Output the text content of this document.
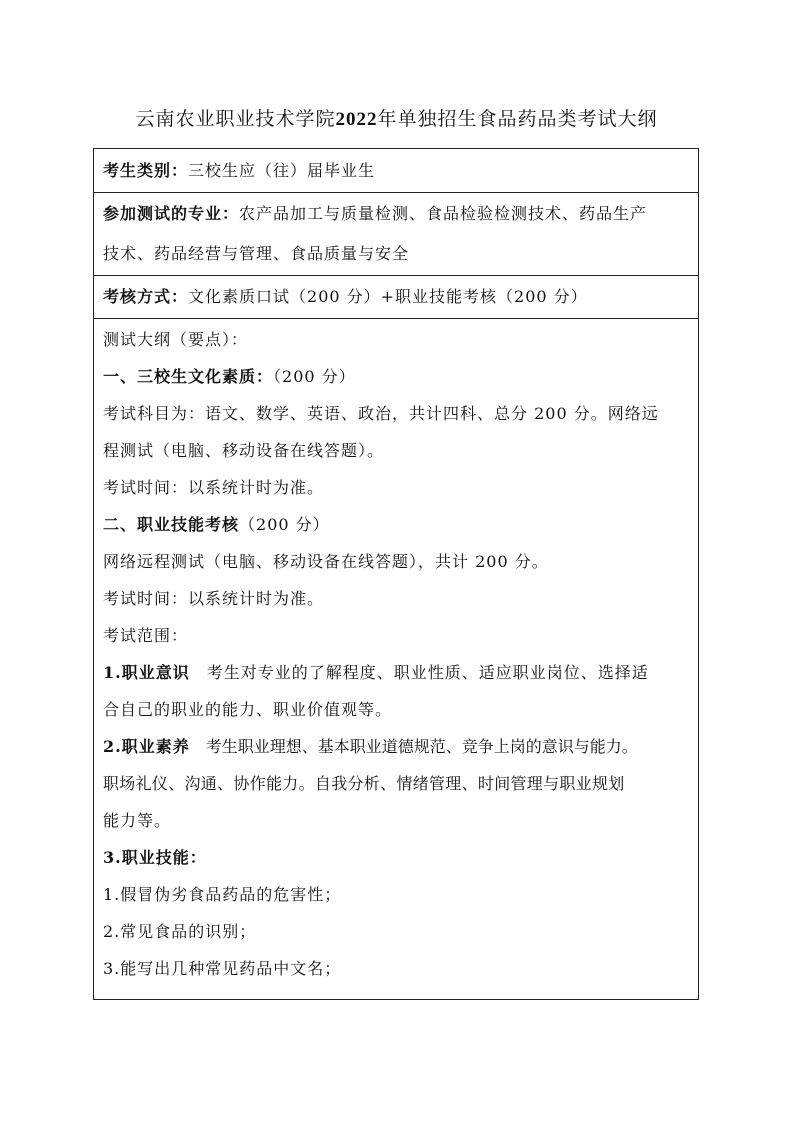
云南农业职业技术学院2022年单独招生食品药品类考试大纲
考生类别：三校生应（往）届毕业生

参加测试的专业：农产品加工与质量检测、食品检验检测技术、药品生产
技术、药品经营与管理、食品质量与安全

考核方式：文化素质口试（200 分）+职业技能考核（200 分）

测试大纲（要点）：
一、三校生文化素质：（200 分）
考试科目为：语文、数学、英语、政治，共计四科、总分 200 分。网络远
程测试（电脑、移动设备在线答题）。
考试时间：以系统计时为准。
二、职业技能考核（200 分）
网络远程测试（电脑、移动设备在线答题），共计 200 分。
考试时间：以系统计时为准。
考试范围：
1.职业意识　考生对专业的了解程度、职业性质、适应职业岗位、选择适
合自己的职业的能力、职业价值观等。
2.职业素养　考生职业理想、基本职业道德规范、竞争上岗的意识与能力。
职场礼仪、沟通、协作能力。自我分析、情绪管理、时间管理与职业规划
能力等。
3.职业技能：
1.假冒伪劣食品药品的危害性；
2.常见食品的识别；
3.能写出几种常见药品中文名；
